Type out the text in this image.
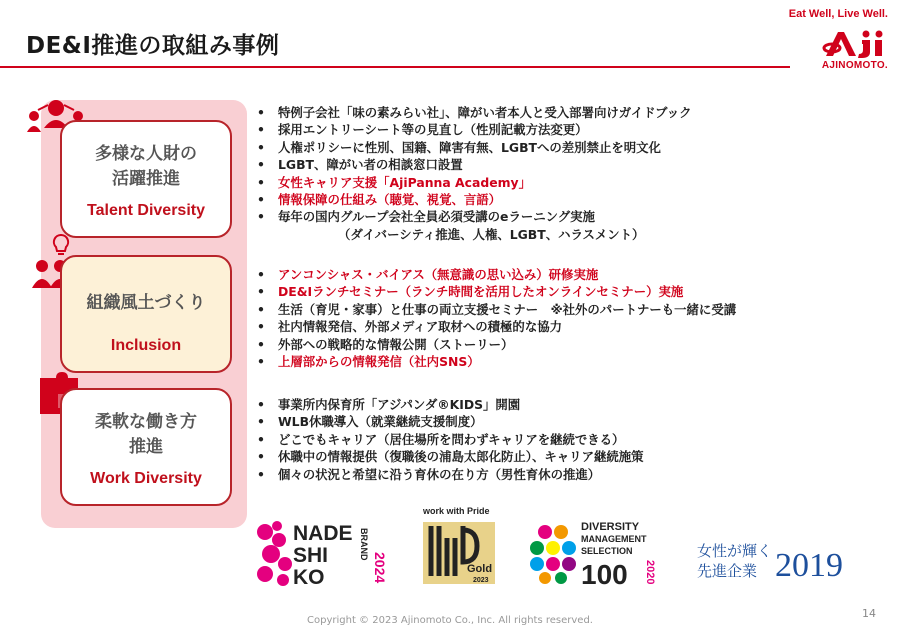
DE&I推進の取組み事例
Eat Well, Live Well.
AJINOMOTO.
多様な人財の
活躍推進
Talent Diversity
組織風土づくり
Inclusion
柔軟な働き方
推進
Work Diversity
• 特例子会社「味の素みらい社」、障がい者本人と受入部署向けガイドブック
• 採用エントリーシート等の見直し（性別記載方法変更）
• 人権ポリシーに性別、国籍、障害有無、LGBTへの差別禁止を明文化
• LGBT、障がい者の相談窓口設置
• 女性キャリア支援「AjiPanna Academy」
• 情報保障の仕組み（聴覚、視覚、言語）
• 毎年の国内グループ会社全員必須受講のeラーニング実施
（ダイバーシティ推進、人権、LGBT、ハラスメント）
• アンコンシャス・バイアス（無意識の思い込み）研修実施
• DE&Iランチセミナー（ランチ時間を活用したオンラインセミナー）実施
• 生活（育児・家事）と仕事の両立支援セミナー　※社外のパートナーも一緒に受講
• 社内情報発信、外部メディア取材への積極的な協力
• 外部への戦略的な情報公開（ストーリー）
• 上層部からの情報発信（社内SNS）
• 事業所内保育所「アジパンダ®KIDS」開園
• WLB休職導入（就業継続支援制度）
• どこでもキャリア（居住場所を問わずキャリアを継続できる）
• 休職中の情報提供（復職後の浦島太郎化防止）、キャリア継続施策
• 個々の状況と希望に沿う育休の在り方（男性育休の推進）
NADE
SHI
KO
BRAND
2024
work with Pride
Gold
2023
DIVERSITY
MANAGEMENT
SELECTION
100 2020
女性が輝く
先進企業 2019
Copyright © 2023 Ajinomoto Co., Inc. All rights reserved.
14
